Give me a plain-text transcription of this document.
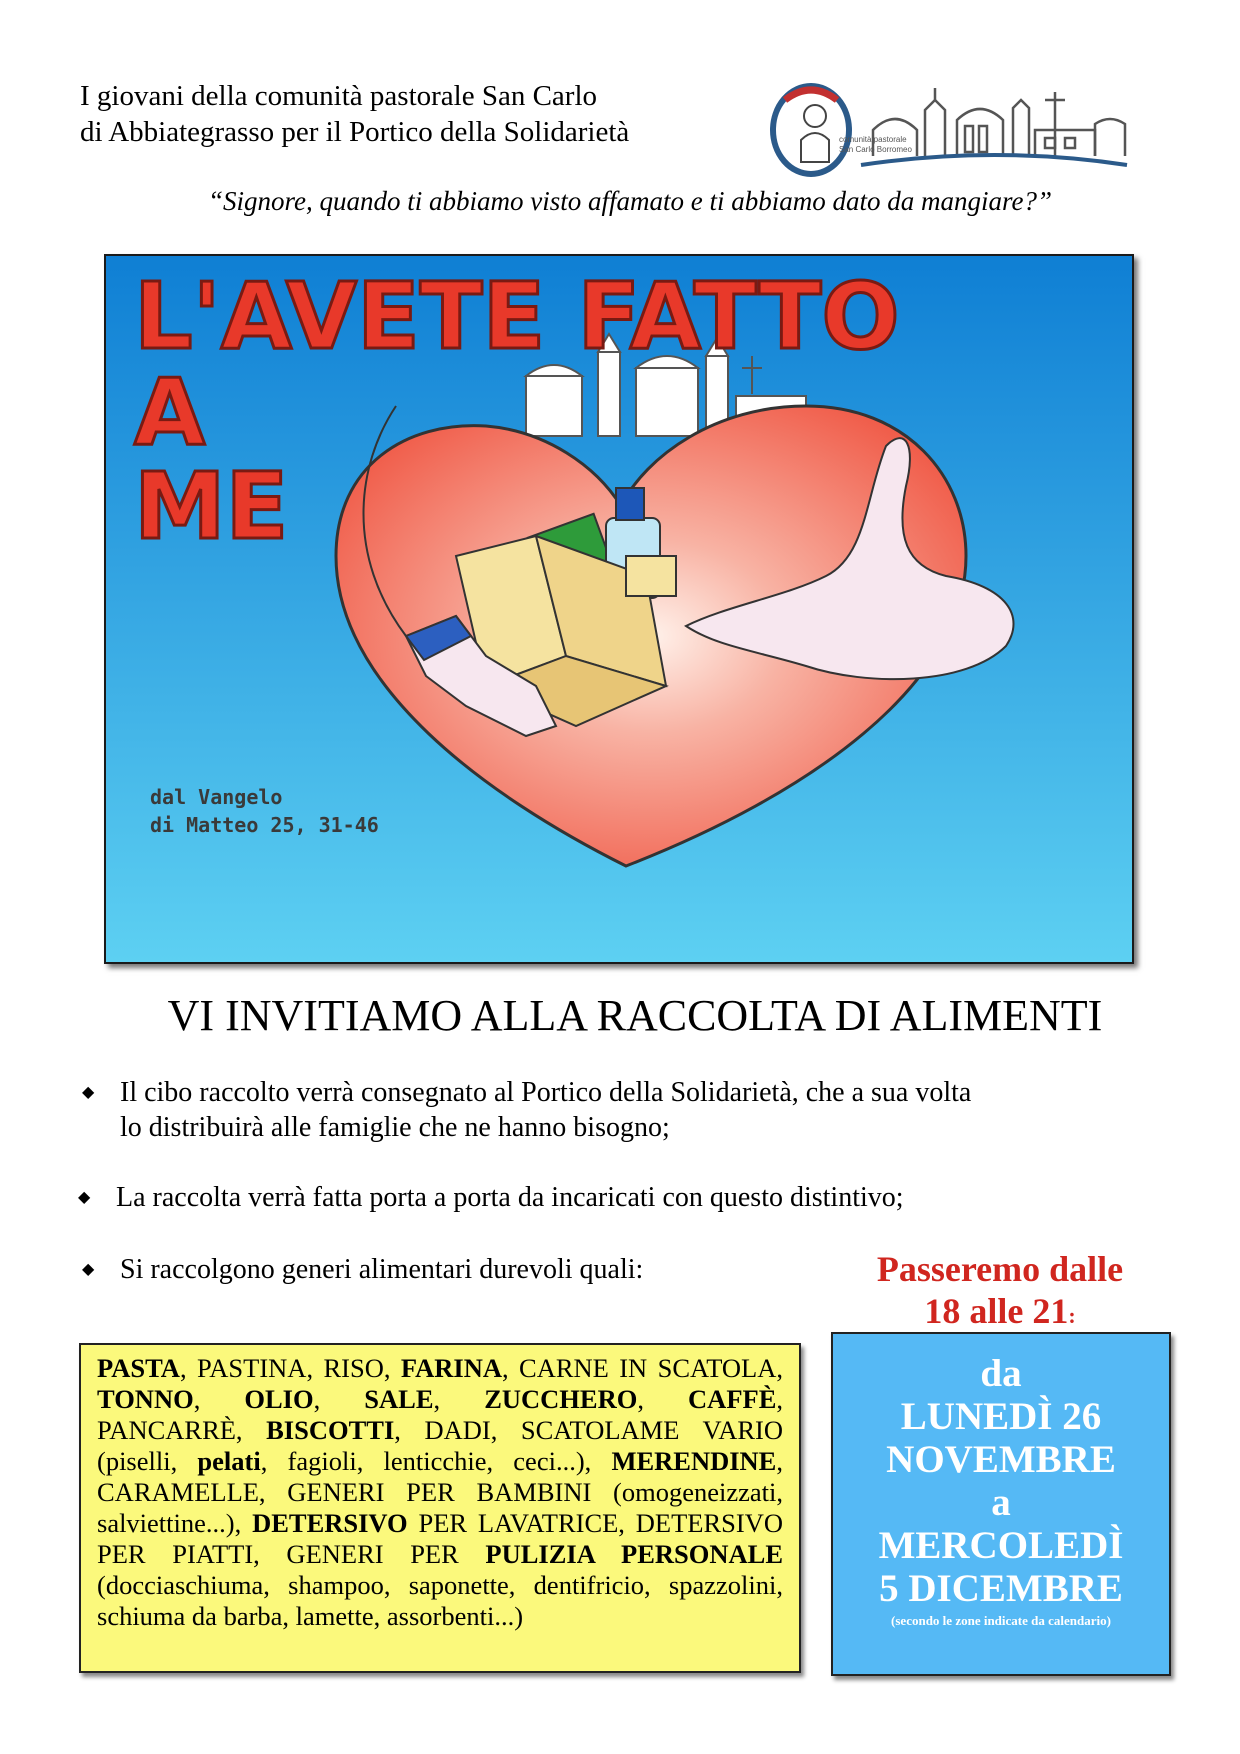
I giovani della comunità pastorale San Carlo
di Abbiategrasso per il Portico della Solidarietà	comunità pastorale
San Carlo Borromeo
“Signore, quando ti abbiamo visto affamato e ti abbiamo dato da mangiare?”
L'AVETE FATTO
A
ME
dal Vangelo
di Matteo 25, 31-46
VI INVITIAMO ALLA RACCOLTA DI ALIMENTI
◆ Il cibo raccolto verrà consegnato al Portico della Solidarietà, che a sua volta
lo distribuirà alle famiglie che ne hanno bisogno;
◆ La raccolta verrà fatta porta a porta da incaricati con questo distintivo;
◆ Si raccolgono generi alimentari durevoli quali:	Passeremo dalle
18 alle 21:
PASTA, PASTINA, RISO, FARINA, CARNE IN SCATOLA, TONNO, OLIO, SALE, ZUCCHERO, CAFFÈ, PANCARRÈ, BISCOTTI, DADI, SCATOLAME VARIO (piselli, pelati, fagioli, lenticchie, ceci...), MERENDINE, CARAMELLE, GENERI PER BAMBINI (omogeneizzati, salviettine...), DETERSIVO PER LAVATRICE, DETERSIVO PER PIATTI, GENERI PER PULIZIA PERSONALE (docciaschiuma, shampoo, saponette, dentifricio, spazzolini, schiuma da barba, lamette, assorbenti...)
da
LUNEDÌ 26
NOVEMBRE
a
MERCOLEDÌ
5 DICEMBRE
(secondo le zone indicate da calendario)
